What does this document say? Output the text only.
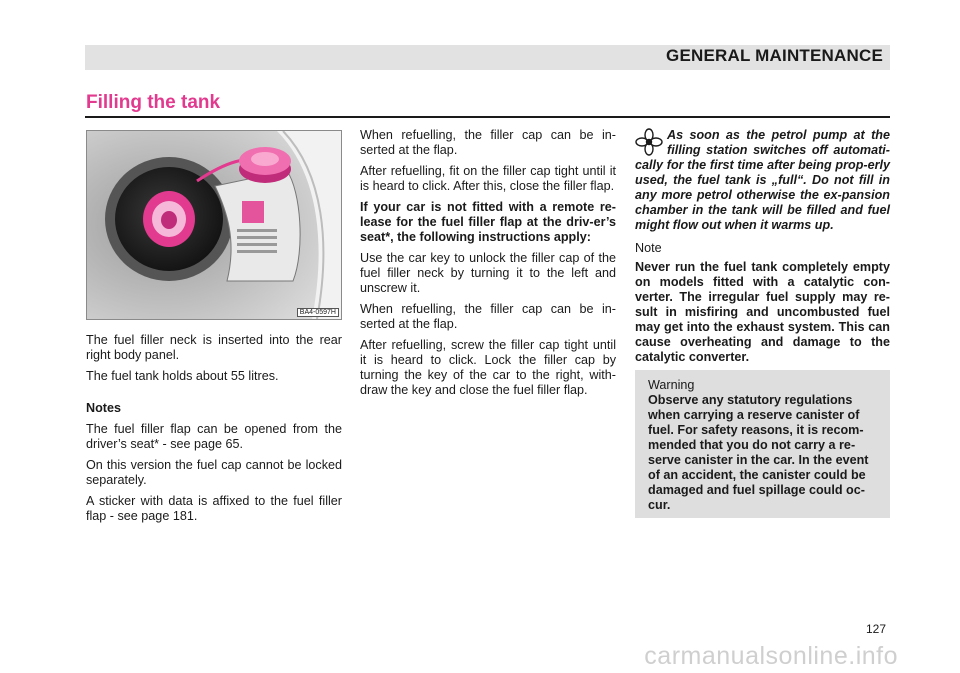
GENERAL MAINTENANCE
Filling the tank
BA4-0597H

The fuel filler neck is inserted into the rear right body panel.

The fuel tank holds about 55 litres.

Notes

The fuel filler flap can be opened from the driver’s seat* - see page 65.

On this version the fuel cap cannot be locked separately.

A sticker with data is affixed to the fuel filler flap - see page 181.

When refuelling, the filler cap can be in-serted at the flap.

After refuelling, fit on the filler cap tight until it is heard to click. After this, close the filler flap.

If your car is not fitted with a remote re-lease for the fuel filler flap at the driv-er’s seat*, the following instructions apply:

Use the car key to unlock the filler cap of the fuel filler neck by turning it to the left and unscrew it.

When refuelling, the filler cap can be in-serted at the flap.

After refuelling, screw the filler cap tight until it is heard to click. Lock the filler cap by turning the key of the car to the right, with-draw the key and close the fuel filler flap.

As soon as the petrol pump at the filling station switches off automati-cally for the first time after being prop-erly used, the fuel tank is „full“. Do not fill in any more petrol otherwise the ex-pansion chamber in the tank will be filled and fuel might flow out when it warms up.

Note

Never run the fuel tank completely empty on models fitted with a catalytic con-verter. The irregular fuel supply may re-sult in misfiring and uncombusted fuel may get into the exhaust system. This can cause overheating and damage to the catalytic converter.

Warning
Observe any statutory regulations when carrying a reserve canister of fuel. For safety reasons, it is recom-mended that you do not carry a re-serve canister in the car. In the event of an accident, the canister could be damaged and fuel spillage could oc-cur.
127
carmanualsonline.info
